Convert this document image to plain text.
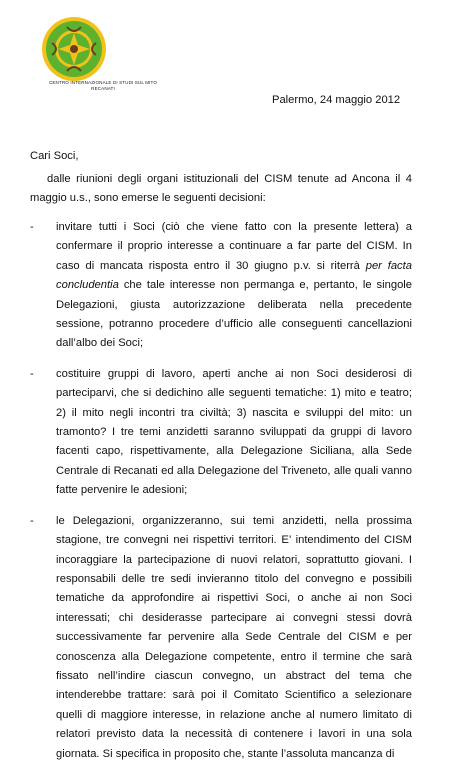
CENTRO INTERNAZIONALE DI STUDI SUL MITO
RECANATI
Palermo, 24 maggio 2012
Cari Soci,

dalle riunioni degli organi istituzionali del CISM tenute ad Ancona il 4 maggio u.s., sono emerse le seguenti decisioni:

- invitare tutti i Soci (ciò che viene fatto con la presente lettera) a confermare il proprio interesse a continuare a far parte del CISM. In caso di mancata risposta entro il 30 giugno p.v. si riterrà per facta concludentia che tale interesse non permanga e, pertanto, le singole Delegazioni, giusta autorizzazione deliberata nella precedente sessione, potranno procedere d’ufficio alle conseguenti cancellazioni dall’albo dei Soci;
- costituire gruppi di lavoro, aperti anche ai non Soci desiderosi di parteciparvi, che si dedichino alle seguenti tematiche: 1) mito e teatro; 2) il mito negli incontri tra civiltà; 3) nascita e sviluppi del mito: un tramonto? I tre temi anzidetti saranno sviluppati da gruppi di lavoro facenti capo, rispettivamente, alla Delegazione Siciliana, alla Sede Centrale di Recanati ed alla Delegazione del Triveneto, alle quali vanno fatte pervenire le adesioni;
- le Delegazioni, organizzeranno, sui temi anzidetti, nella prossima stagione, tre convegni nei rispettivi territori. E’ intendimento del CISM incoraggiare la partecipazione di nuovi relatori, soprattutto giovani. I responsabili delle tre sedi invieranno titolo del convegno e possibili tematiche da approfondire ai rispettivi Soci, o anche ai non Soci interessati; chi desiderasse partecipare ai convegni stessi dovrà successivamente far pervenire alla Sede Centrale del CISM e per conoscenza alla Delegazione competente, entro il termine che sarà fissato nell’indire ciascun convegno, un abstract del tema che intenderebbe trattare: sarà poi il Comitato Scientifico a selezionare quelli di maggiore interesse, in relazione anche al numero limitato di relatori previsto data la necessità di contenere i lavori in una sola giornata. Si specifica in proposito che, stante l’assoluta mancanza di
